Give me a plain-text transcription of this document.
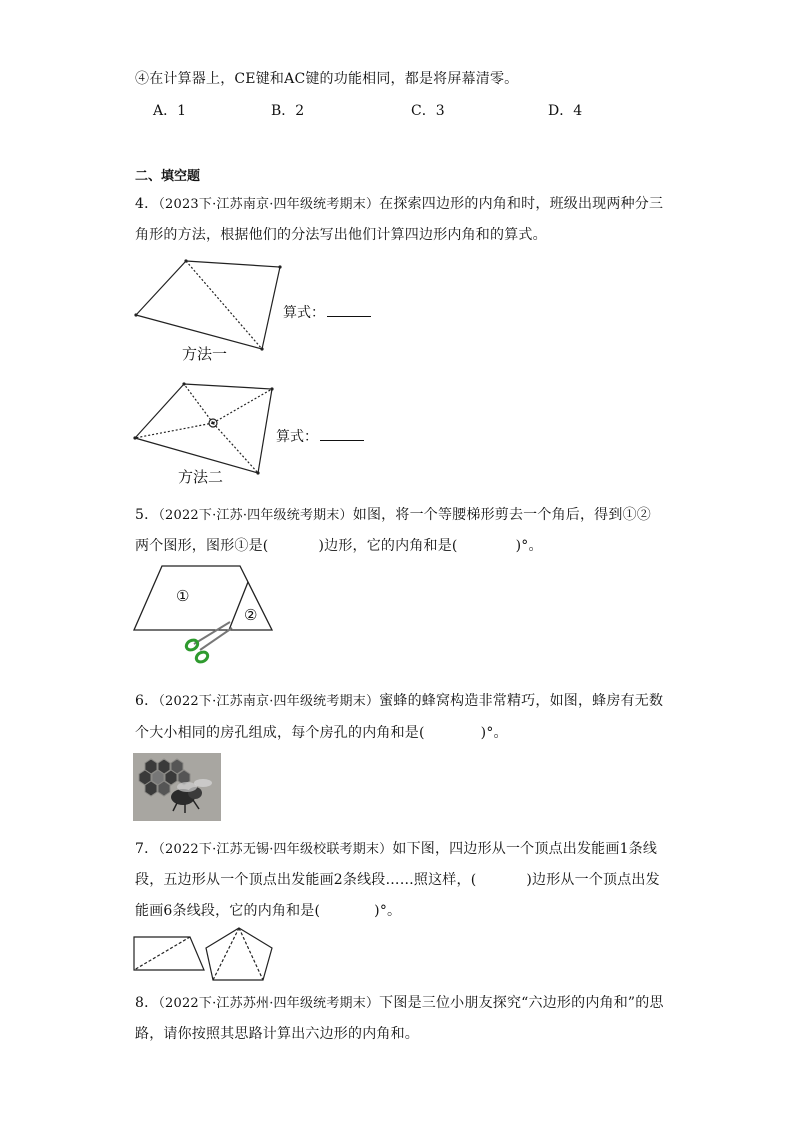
④在计算器上，CE键和AC键的功能相同，都是将屏幕清零。
A．1	B．2	C．3	D．4
二、填空题
4．（2023下·江苏南京·四年级统考期末）在探索四边形的内角和时，班级出现两种分三
角形的方法，根据他们的分法写出他们计算四边形内角和的算式。
算式：
方法一
算式：
方法二
5．（2022下·江苏·四年级统考期末）如图，将一个等腰梯形剪去一个角后，得到①②
两个图形，图形①是(	)边形，它的内角和是(	)°。
①
②
6．（2022下·江苏南京·四年级统考期末）蜜蜂的蜂窝构造非常精巧，如图，蜂房有无数
个大小相同的房孔组成，每个房孔的内角和是(	)°。
7．（2022下·江苏无锡·四年级校联考期末）如下图，四边形从一个顶点出发能画1条线
段，五边形从一个顶点出发能画2条线段……照这样，(	)边形从一个顶点出发
能画6条线段，它的内角和是(	)°。
8．（2022下·江苏苏州·四年级统考期末）下图是三位小朋友探究“六边形的内角和”的思
路，请你按照其思路计算出六边形的内角和。
